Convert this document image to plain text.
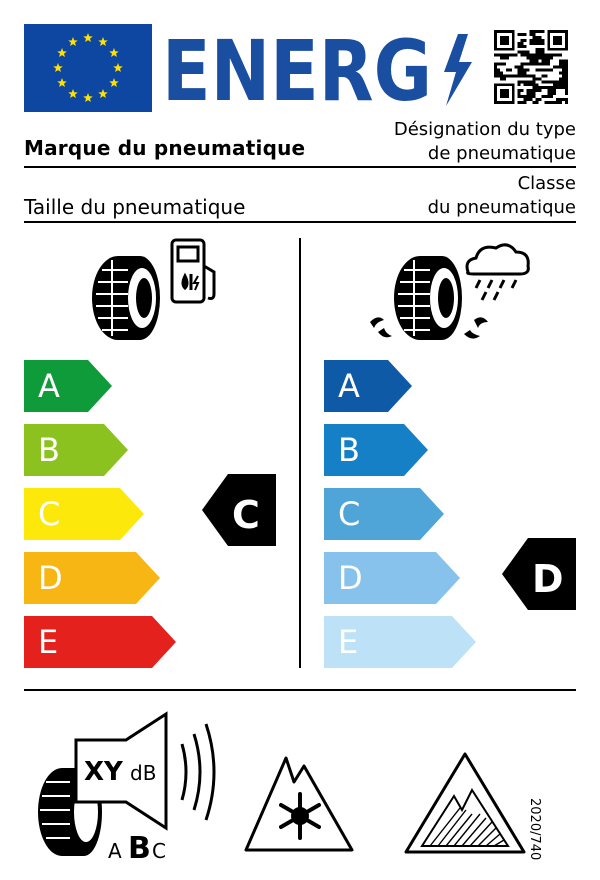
ENERG
Marque du pneumatique
Désignation du type
de pneumatique
Taille du pneumatique
Classe
du pneumatique
A
B
C	C
D
E
A
B
C
D	D
E
XY dB
A B C	2020/740
